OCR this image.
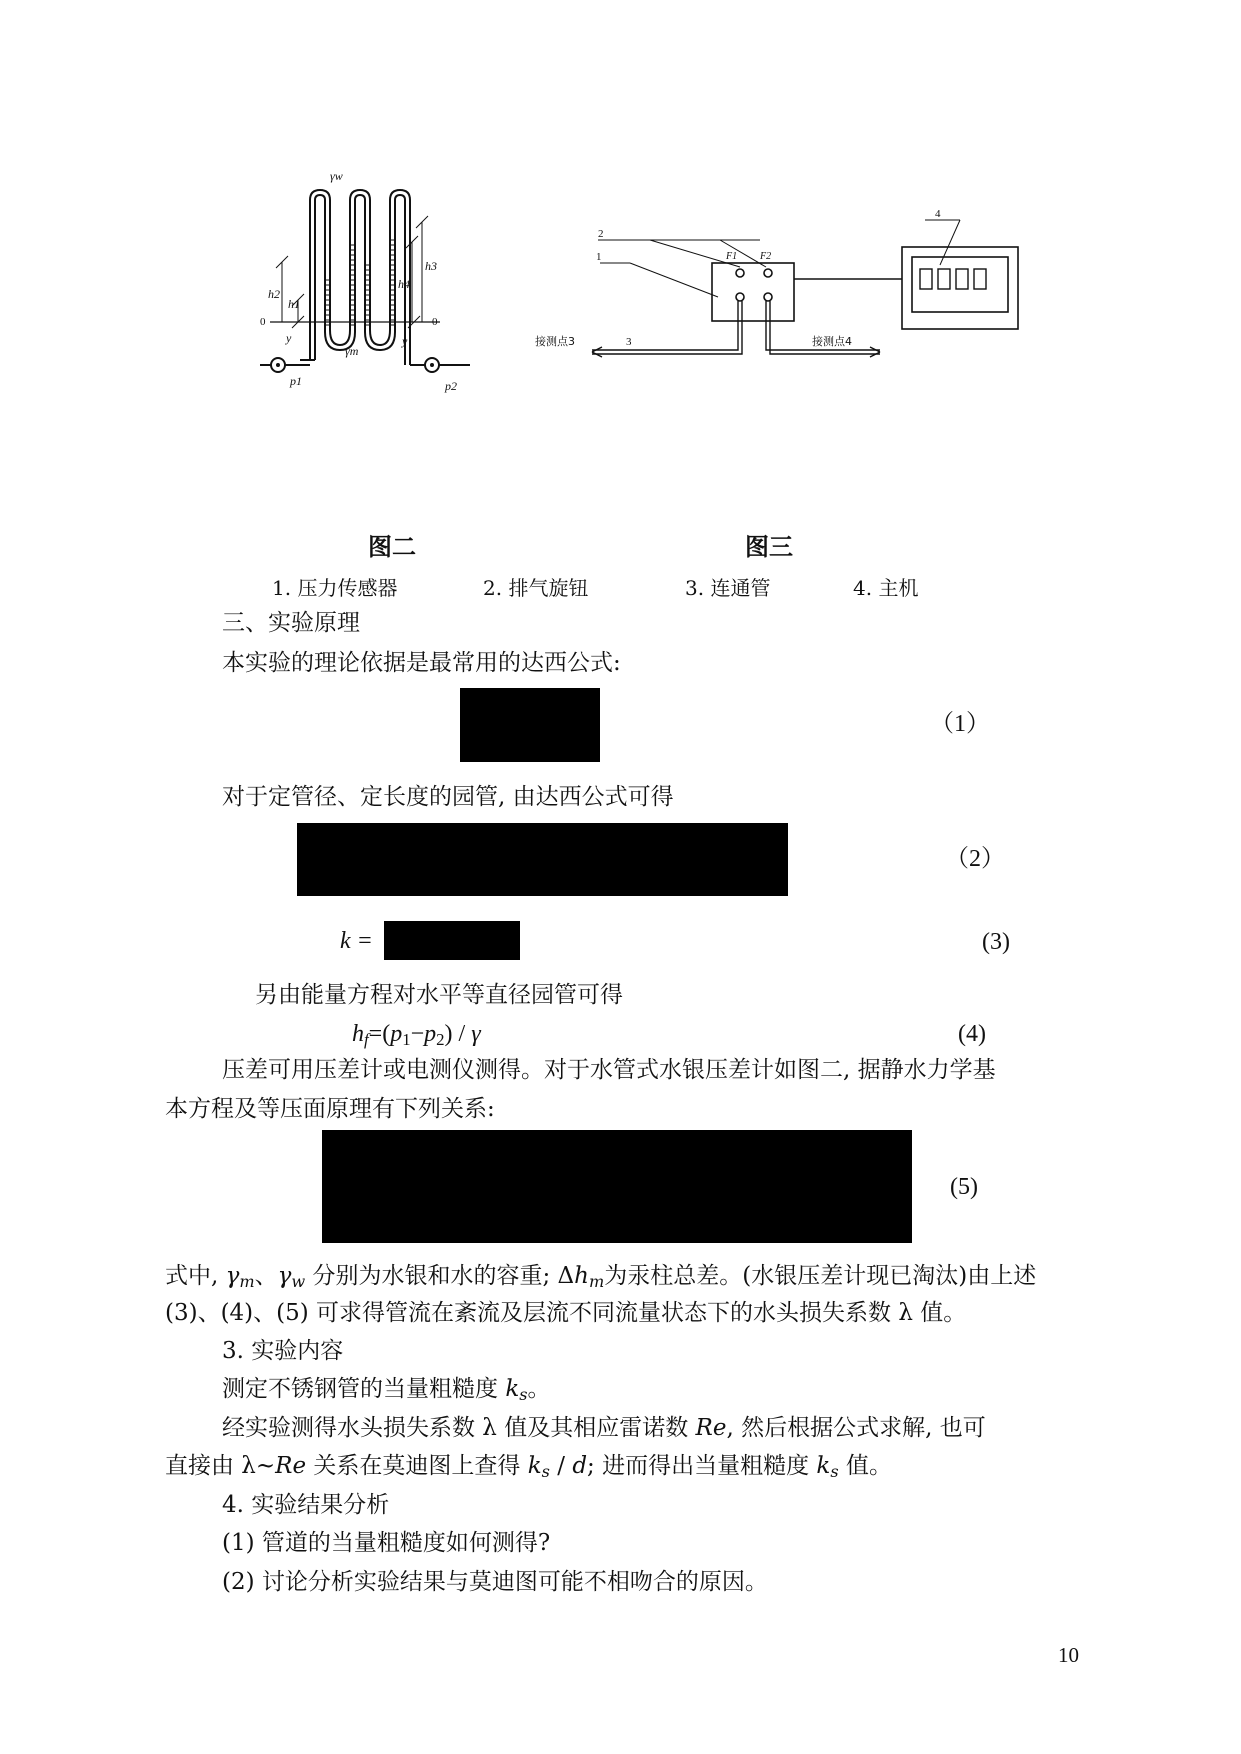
γw
γm
h2
h1
h4
h3
y	y
p1	p2
0	0
2
1
3
4
F1 F2
接测点3	接测点4
图二	图三
1. 压力传感器	2. 排气旋钮	3. 连通管	4. 主机
三、实验原理
本实验的理论依据是最常用的达西公式:
（1）
对于定管径、定长度的园管, 由达西公式可得
（2）
k =	(3)
另由能量方程对水平等直径园管可得
$h_f=(p_1-p_2) / \gamma$	(4)
压差可用压差计或电测仪测得。对于水管式水银压差计如图二, 据静水力学基
本方程及等压面原理有下列关系:
(5)
式中, $\gamma_m$、$\gamma_w$ 分别为水银和水的容重; $\Delta h_m$为汞柱总差。(水银压差计现已淘汰)由上述
(3)、(4)、(5) 可求得管流在紊流及层流不同流量状态下的水头损失系数 λ 值。
3. 实验内容
测定不锈钢管的当量粗糙度 $k_s$。
经实验测得水头损失系数 λ 值及其相应雷诺数 Re, 然后根据公式求解, 也可
直接由 λ~Re 关系在莫迪图上查得 $k_s$ / d; 进而得出当量粗糙度 $k_s$ 值。
4. 实验结果分析
(1) 管道的当量粗糙度如何测得?
(2) 讨论分析实验结果与莫迪图可能不相吻合的原因。
10
